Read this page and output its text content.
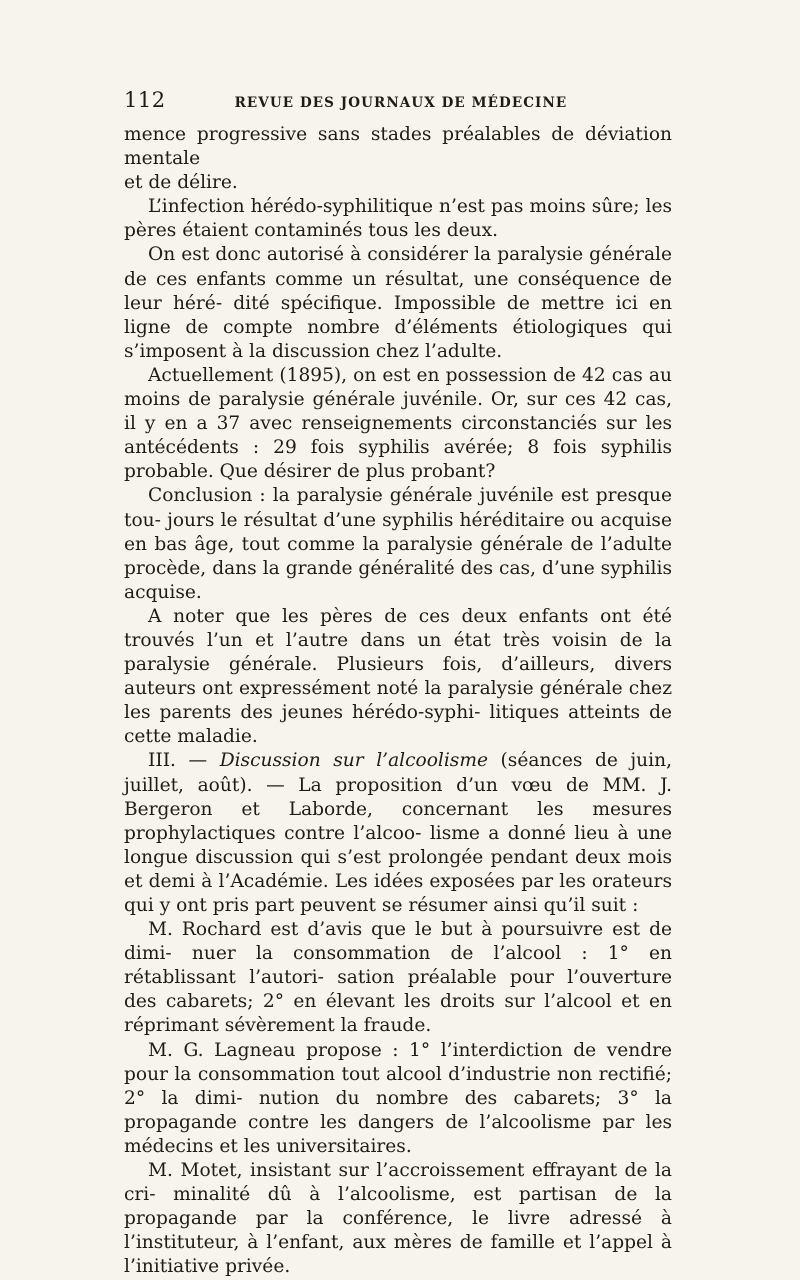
112	REVUE DES JOURNAUX DE MÉDECINE

mence progressive sans stades préalables de déviation mentale
et de délire.

L’infection hérédo-syphilitique n’est pas moins sûre; les pères étaient contaminés tous les deux.

On est donc autorisé à considérer la paralysie générale de ces enfants comme un résultat, une conséquence de leur héré- dité spécifique. Impossible de mettre ici en ligne de compte nombre d’éléments étiologiques qui s’imposent à la discussion chez l’adulte.

Actuellement (1895), on est en possession de 42 cas au moins de paralysie générale juvénile. Or, sur ces 42 cas, il y en a 37 avec renseignements circonstanciés sur les antécédents : 29 fois syphilis avérée; 8 fois syphilis probable. Que désirer de plus probant?

Conclusion : la paralysie générale juvénile est presque tou- jours le résultat d’une syphilis héréditaire ou acquise en bas âge, tout comme la paralysie générale de l’adulte procède, dans la grande généralité des cas, d’une syphilis acquise.

A noter que les pères de ces deux enfants ont été trouvés l’un et l’autre dans un état très voisin de la paralysie générale. Plusieurs fois, d’ailleurs, divers auteurs ont expressément noté la paralysie générale chez les parents des jeunes hérédo-syphi- litiques atteints de cette maladie.

III. — Discussion sur l’alcoolisme (séances de juin, juillet, août). — La proposition d’un vœu de MM. J. Bergeron et Laborde, concernant les mesures prophylactiques contre l’alcoo- lisme a donné lieu à une longue discussion qui s’est prolongée pendant deux mois et demi à l’Académie. Les idées exposées par les orateurs qui y ont pris part peuvent se résumer ainsi qu’il suit :

M. Rochard est d’avis que le but à poursuivre est de dimi- nuer la consommation de l’alcool : 1° en rétablissant l’autori- sation préalable pour l’ouverture des cabarets; 2° en élevant les droits sur l’alcool et en réprimant sévèrement la fraude.

M. G. Lagneau propose : 1° l’interdiction de vendre pour la consommation tout alcool d’industrie non rectifié; 2° la dimi- nution du nombre des cabarets; 3° la propagande contre les dangers de l’alcoolisme par les médecins et les universitaires.

M. Motet, insistant sur l’accroissement effrayant de la cri- minalité dû à l’alcoolisme, est partisan de la propagande par la conférence, le livre adressé à l’instituteur, à l’enfant, aux mères de famille et l’appel à l’initiative privée.
